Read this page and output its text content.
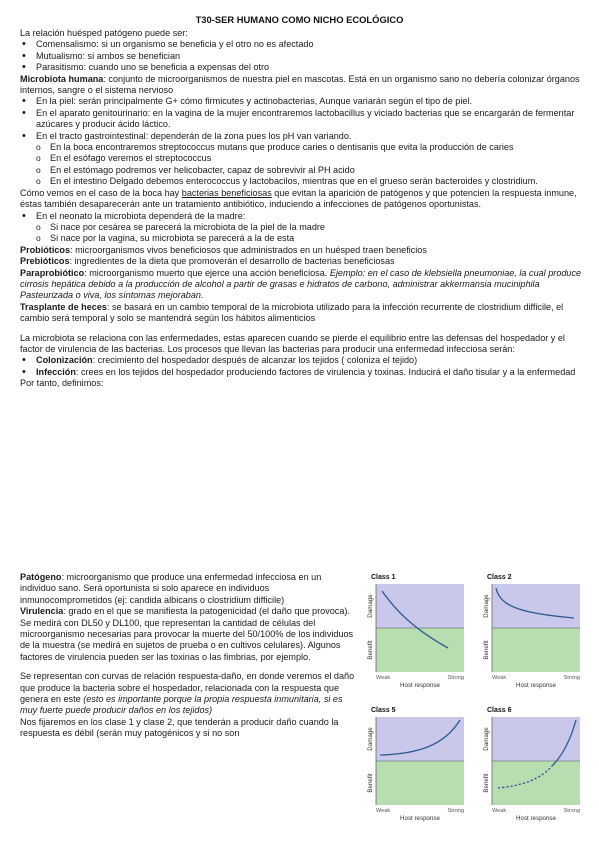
T30-SER HUMANO COMO NICHO ECOLÓGICO

La relación huésped patógeno puede ser:

• Comensalismo: si un organismo se beneficia y el otro no es afectado
• Mutualismo: si ambos se benefician
• Parasitismo: cuando uno se beneficia a expensas del otro

Microbiota humana: conjunto de microorganismos de nuestra piel en mascotas. Está en un organismo sano no debería colonizar órganos internos, sangre o el sistema nervioso

• En la piel: serán principalmente G+ cómo firmicutes y actinobacterias, Aunque variarán según el tipo de piel.
• En el aparato genitourinario: en la vagina de la mujer encontraremos lactobacillus y viciado bacterias que se encargarán de fermentar azúcares y producir ácido láctico.
• En el tracto gastrointestinal: dependerán de la zona pues los pH van variando.
o En la boca encontraremos streptococcus mutans que produce caries o dentisanis que evita la producción de caries
o En el esófago veremos el streptococcus
o En el estómago podremos ver helicobacter, capaz de sobrevivir al PH acido
o En el intestino Delgado debemos enterococcus y lactobacilos, mientras que en el grueso serán bacteroides y clostridium.

Cómo vemos en el caso de la boca hay bacterias beneficiosas que evitan la aparición de patógenos y que potencien la respuesta inmune, éstas también desaparecerán ante un tratamiento antibiótico, induciendo a infecciones de patógenos oportunistas.

• En el neonato la microbiota dependerá de la madre:
o Si nace por cesárea se parecerá la microbiota de la piel de la madre
o Si nace por la vagina, su microbiota se parecerá a la de esta

Probióticos: microorganismos vivos beneficiosos que administrados en un huésped traen beneficios

Prebióticos: ingredientes de la dieta que promoverán el desarrollo de bacterias beneficiosas

Paraprobiótico: microorganismo muerto que ejerce una acción beneficiosa. Ejemplo: en el caso de klebsiella pneumoniae, la cual produce cirrosis hepática debido a la producción de alcohol a partir de grasas e hidratos de carbono, administrar akkermansia muciniphila Pasteurizada o viva, los síntomas mejoraban.

Trasplante de heces: se basará en un cambio temporal de la microbiota utilizado para la infección recurrente de clostridium difficile, el cambio será temporal y solo se mantendrá según los hábitos alimenticios

La microbiota se relaciona con las enfermedades, estas aparecen cuando se pierde el equilibrio entre las defensas del hospedador y el factor de virulencia de las bacterias. Los procesos que llevan las bacterias para producir una enfermedad infecciosa serán:

• Colonización: crecimiento del hospedador después de alcanzar los tejidos ( coloniza el tejido)
• Infección: crees en los tejidos del hospedador produciendo factores de virulencia y toxinas. Inducirá el daño tisular y a la enfermedad

Por tanto, definimos:

Patógeno: microorganismo que produce una enfermedad infecciosa en un individuo sano. Será oportunista si solo aparece en individuos inmunocomprometidos (ej: candida albicans o clostridium difficile)

Virulencia: grado en el que se manifiesta la patogenicidad (el daño que provoca). Se medirá con DL50 y DL100, que representan la cantidad de células del microorganismo necesarias para provocar la muerte del 50/100% de los individuos de la muestra (se medirá en sujetos de prueba o en cultivos celulares). Algunos factores de virulencia pueden ser las toxinas o las fimbrias, por ejemplo.

Se representan con curvas de relación respuesta-daño, en donde veremos el daño que produce la bacteria sobre el hospedador, relacionada con la respuesta que genera en este (esto es importante porque la propia respuesta inmunitaria, si es muy fuerte puede producir daños en los tejidos)

Nos fijaremos en los clase 1 y clase 2, que tenderán a producir daño cuando la respuesta es débil (serán muy patogénicos y si no son

Class 1
Damage
Benefit
Weak	Strong
Host response
Class 2
Damage
Benefit
Weak	Strong
Host response
Class 5
Damage
Benefit
Weak	Strong
Host response
Class 6
Damage
Benefit
Weak	Strong
Host response
